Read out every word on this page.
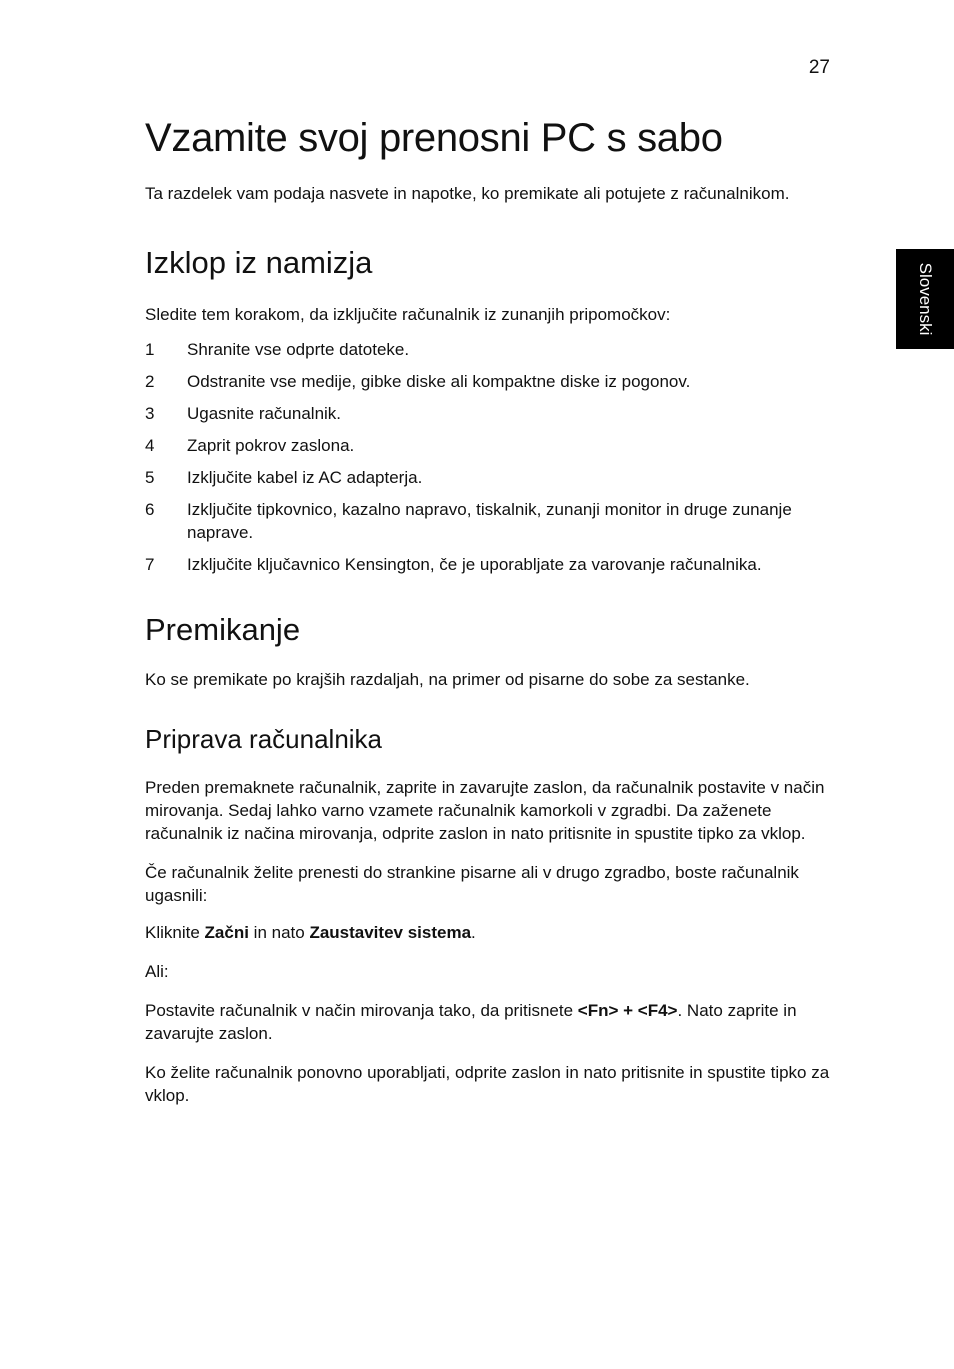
27
Slovenski
Vzamite svoj prenosni PC s sabo

Ta razdelek vam podaja nasvete in napotke, ko premikate ali potujete z računalnikom.

Izklop iz namizja

Sledite tem korakom, da izključite računalnik iz zunanjih pripomočkov:

1	Shranite vse odprte datoteke.
2	Odstranite vse medije, gibke diske ali kompaktne diske iz pogonov.
3	Ugasnite računalnik.
4	Zaprit pokrov zaslona.
5	Izključite kabel iz AC adapterja.
6	Izključite tipkovnico, kazalno napravo, tiskalnik, zunanji monitor in druge zunanje naprave.
7	Izključite ključavnico Kensington, če je uporabljate za varovanje računalnika.
Premikanje

Ko se premikate po krajših razdaljah, na primer od pisarne do sobe za sestanke.

Priprava računalnika

Preden premaknete računalnik, zaprite in zavarujte zaslon, da računalnik postavite v način mirovanja. Sedaj lahko varno vzamete računalnik kamorkoli v zgradbi. Da zaženete računalnik iz načina mirovanja, odprite zaslon in nato pritisnite in spustite tipko za vklop.

Če računalnik želite prenesti do strankine pisarne ali v drugo zgradbo, boste računalnik ugasnili:

Kliknite Začni in nato Zaustavitev sistema.

Ali:

Postavite računalnik v način mirovanja tako, da pritisnete <Fn> + <F4>. Nato zaprite in zavarujte zaslon.

Ko želite računalnik ponovno uporabljati, odprite zaslon in nato pritisnite in spustite tipko za vklop.
